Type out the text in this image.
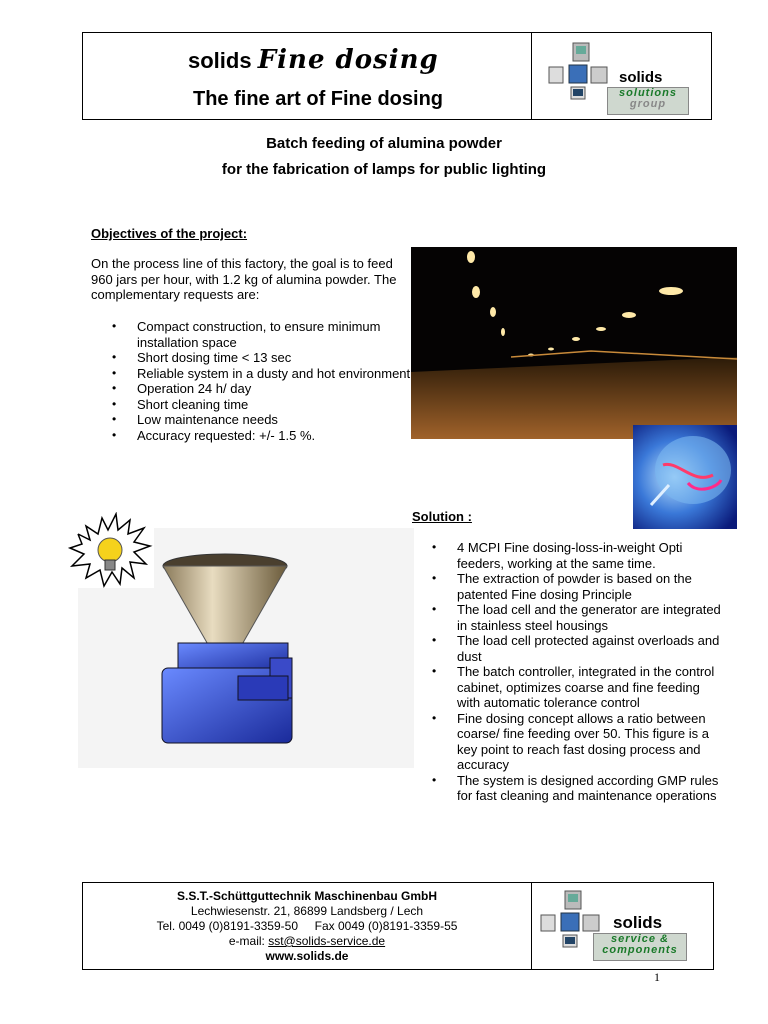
solids Fine dosing
The fine art of Fine dosing
solids
solutions
group
Batch feeding of alumina powder
for the fabrication of lamps for public lighting
Objectives of the project:
On the process line of this factory, the goal is to feed 960 jars per hour, with 1.2 kg of alumina powder. The complementary requests are:
• Compact construction, to ensure minimum installation space
• Short dosing time < 13 sec
• Reliable system in a dusty and hot environment
• Operation 24 h/ day
• Short cleaning time
• Low maintenance needs
• Accuracy requested: +/- 1.5 %.
Solution :
• 4 MCPI Fine dosing-loss-in-weight Opti feeders, working at the same time.
• The extraction of powder is based on the patented Fine dosing Principle
• The load cell and the generator are integrated in stainless steel housings
• The load cell protected against overloads and dust
• The batch controller, integrated in the control cabinet, optimizes coarse and fine feeding with automatic tolerance control
• Fine dosing concept allows a ratio between coarse/ fine feeding over 50. This figure is a key point to reach fast dosing process and accuracy
• The system is designed according GMP rules for fast cleaning and maintenance operations
S.S.T.-Schüttguttechnik Maschinenbau GmbH
Lechwiesenstr. 21, 86899 Landsberg / Lech
Tel. 0049 (0)8191-3359-50 Fax 0049 (0)8191-3359-55
e-mail: sst@solids-service.de
www.solids.de
solids
service &
components
1
